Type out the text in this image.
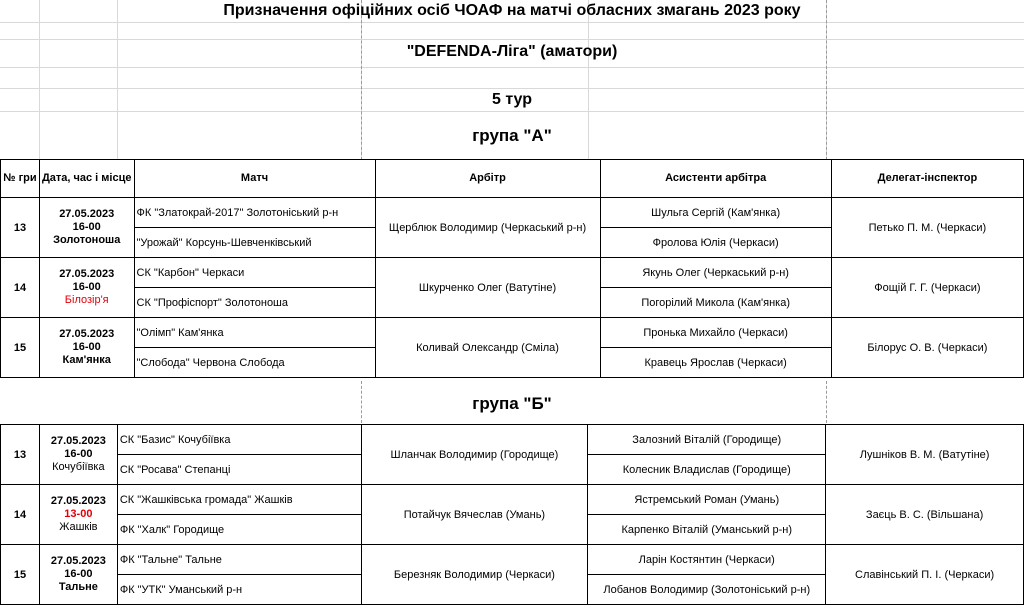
Призначення офіційних осіб ЧОАФ на матчі обласних змагань 2023 року
"DEFENDA-Ліга" (аматори)
5 тур
група "А"
група "Б"
№ гри	Дата, час і місце	Матч	Арбітр	Асистенти арбітра	Делегат-інспектор
13	27.05.2023
16-00
Золотоноша	ФК "Златокрай-2017" Золотоніський р-н	Щерблюк Володимир (Черкаський р-н)	Шульга Сергій (Кам'янка)	Петько П. М. (Черкаси)
		"Урожай" Корсунь-Шевченківський		Фролова Юлія (Черкаси)	
14	27.05.2023
16-00
Білозір'я	СК "Карбон" Черкаси	Шкурченко Олег (Ватутіне)	Якунь Олег (Черкаський р-н)	Фощій Г. Г. (Черкаси)
		СК "Профіспорт" Золотоноша		Погорілий Микола (Кам'янка)	
15	27.05.2023
16-00
Кам'янка	"Олімп" Кам'янка	Коливай Олександр (Сміла)	Пронька Михайло (Черкаси)	Білорус О. В. (Черкаси)
		"Слобода" Червона Слобода		Кравець Ярослав (Черкаси)	
13	27.05.2023
16-00
Кочубіївка	СК "Базис" Кочубіївка	Шланчак Володимир (Городище)	Залозний Віталій (Городище)	Лушніков В. М. (Ватутіне)
		СК "Росава" Степанці		Колесник Владислав (Городище)	
14	27.05.2023
13-00
Жашків	СК "Жашківська громада" Жашків	Потайчук Вячеслав (Умань)	Ястремський Роман (Умань)	Заєць В. С. (Вільшана)
		ФК "Халк" Городище		Карпенко Віталій (Уманський р-н)	
15	27.05.2023
16-00
Тальне	ФК "Тальне" Тальне	Березняк Володимир (Черкаси)	Ларін Костянтин (Черкаси)	Славінський П. І. (Черкаси)
		ФК "УТК" Уманський р-н		Лобанов Володимир (Золотоніський р-н)	
